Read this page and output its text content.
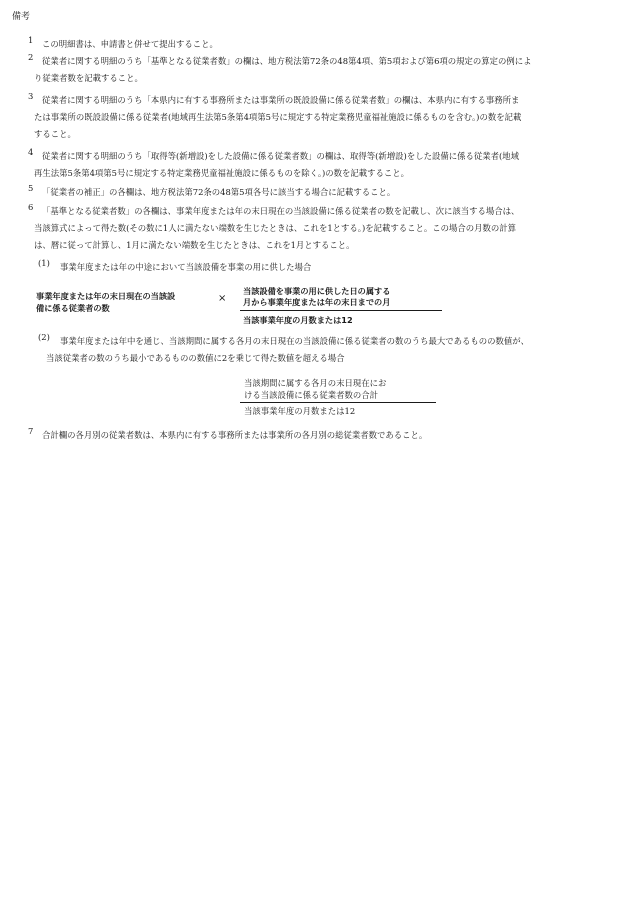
備考
1 この明細書は、申請書と併せて提出すること。
2 従業者に関する明細のうち「基準となる従業者数」の欄は、地方税法第72条の48第4項、第5項および第6項の規定の算定の例によ
り従業者数を記載すること。
3 従業者に関する明細のうち「本県内に有する事務所または事業所の既設設備に係る従業者数」の欄は、本県内に有する事務所ま
たは事業所の既設設備に係る従業者(地域再生法第5条第4項第5号に規定する特定業務児童福祉施設に係るものを含む。)の数を記載
すること。
4 従業者に関する明細のうち「取得等(新増設)をした設備に係る従業者数」の欄は、取得等(新増設)をした設備に係る従業者(地域
再生法第5条第4項第5号に規定する特定業務児童福祉施設に係るものを除く。)の数を記載すること。
5 「従業者の補正」の各欄は、地方税法第72条の48第5項各号に該当する場合に記載すること。
6 「基準となる従業者数」の各欄は、事業年度または年の末日現在の当該設備に係る従業者の数を記載し、次に該当する場合は、
当該算式によって得た数(その数に1人に満たない端数を生じたときは、これを1とする。)を記載すること。この場合の月数の計算
は、暦に従って計算し、1月に満たない端数を生じたときは、これを1月とすること。
(1) 事業年度または年の中途において当該設備を事業の用に供した場合
事業年度または年の末日現在の当該設
備に係る従業者の数
×
当該設備を事業の用に供した日の属する
月から事業年度または年の末日までの月
当該事業年度の月数または12
(2) 事業年度または年中を通じ、当該期間に属する各月の末日現在の当該設備に係る従業者の数のうち最大であるものの数値が、
当該従業者の数のうち最小であるものの数値に2を乗じて得た数値を超える場合
当該期間に属する各月の末日現在にお
ける当該設備に係る従業者数の合計
当該事業年度の月数または12
7 合計欄の各月別の従業者数は、本県内に有する事務所または事業所の各月別の総従業者数であること。
